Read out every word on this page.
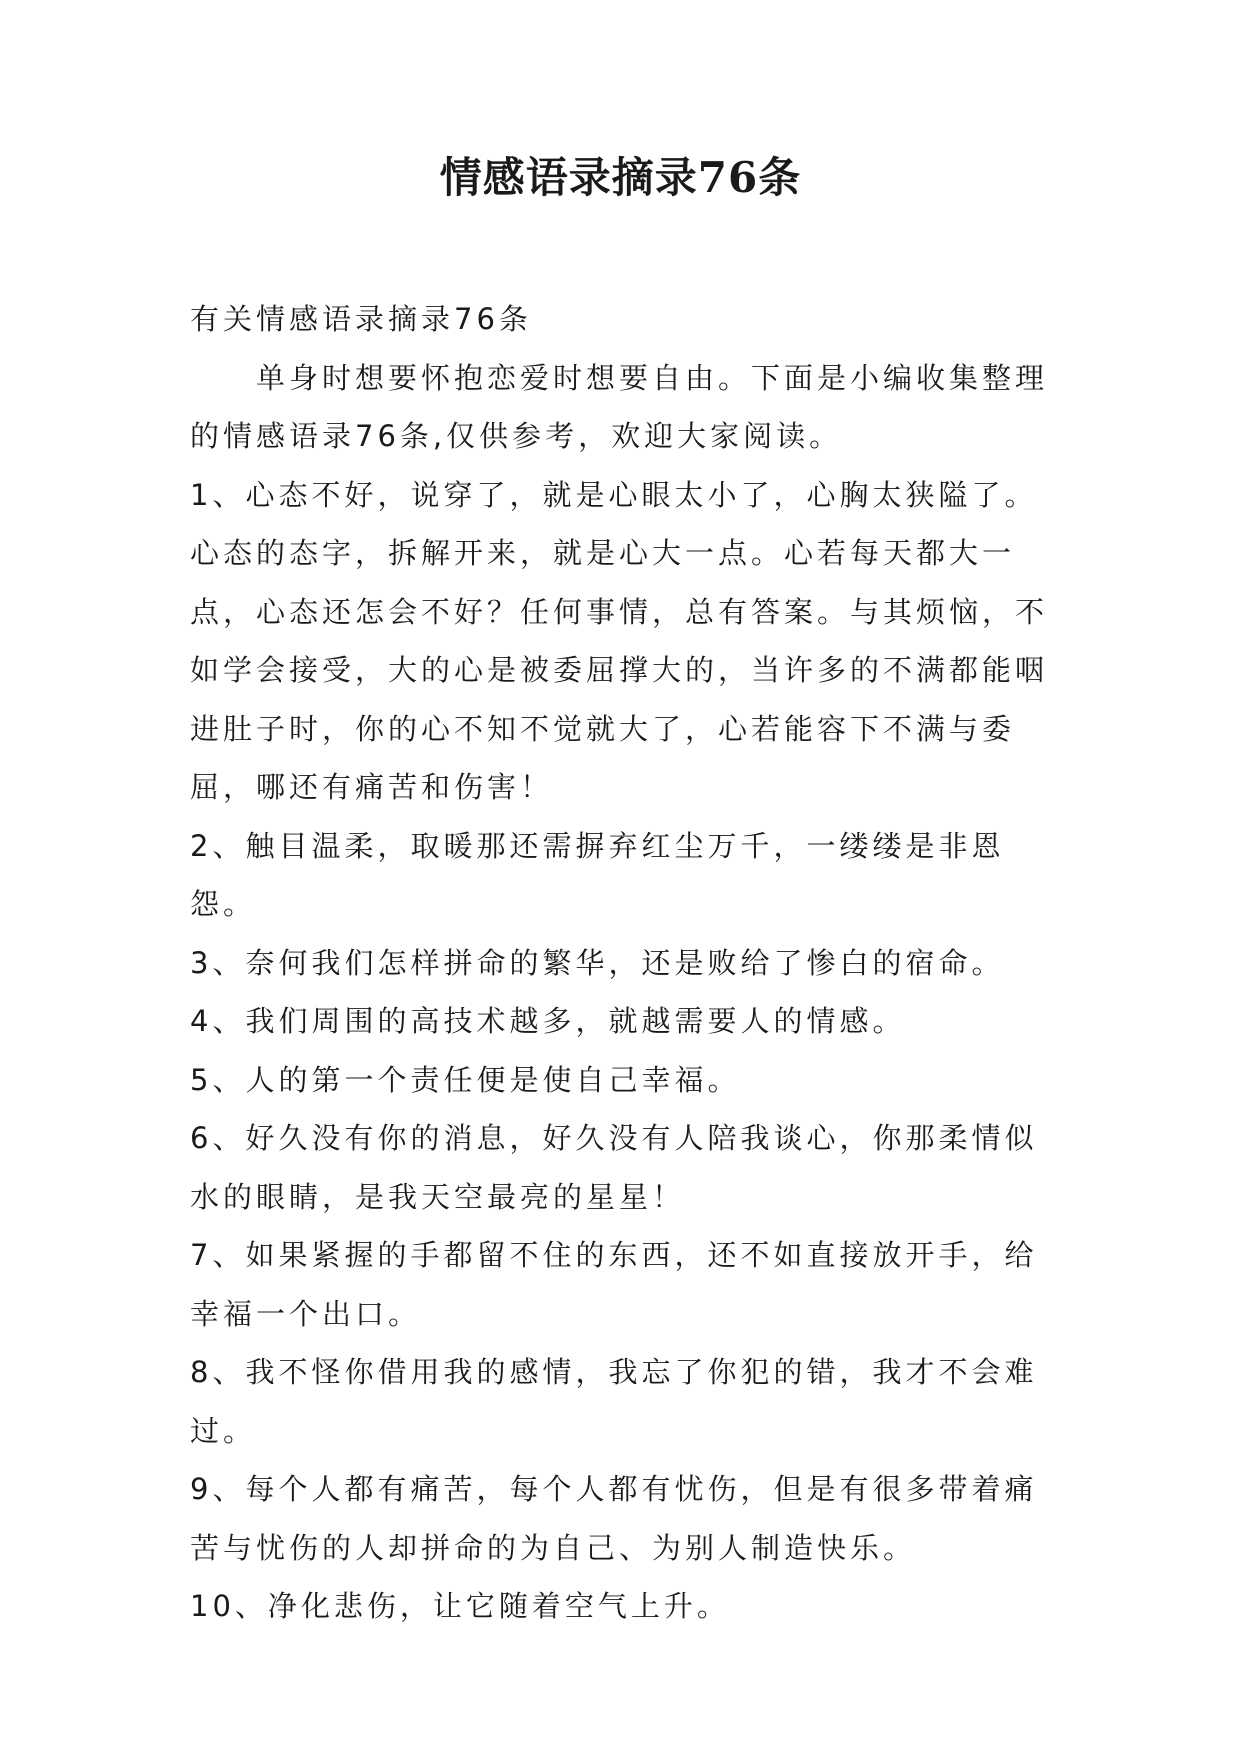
情感语录摘录76条

有关情感语录摘录76条

单身时想要怀抱恋爱时想要自由。下面是小编收集整理的情感语录76条,仅供参考，欢迎大家阅读。

1、心态不好，说穿了，就是心眼太小了，心胸太狭隘了。心态的态字，拆解开来，就是心大一点。心若每天都大一点，心态还怎会不好？任何事情，总有答案。与其烦恼，不如学会接受，大的心是被委屈撑大的，当许多的不满都能咽进肚子时，你的心不知不觉就大了，心若能容下不满与委屈，哪还有痛苦和伤害！

2、触目温柔，取暖那还需摒弃红尘万千，一缕缕是非恩怨。

3、奈何我们怎样拼命的繁华，还是败给了惨白的宿命。

4、我们周围的高技术越多，就越需要人的情感。

5、人的第一个责任便是使自己幸福。

6、好久没有你的消息，好久没有人陪我谈心，你那柔情似水的眼睛，是我天空最亮的星星！

7、如果紧握的手都留不住的东西，还不如直接放开手，给幸福一个出口。

8、我不怪你借用我的感情，我忘了你犯的错，我才不会难过。

9、每个人都有痛苦，每个人都有忧伤，但是有很多带着痛苦与忧伤的人却拼命的为自己、为别人制造快乐。

10、净化悲伤，让它随着空气上升。
